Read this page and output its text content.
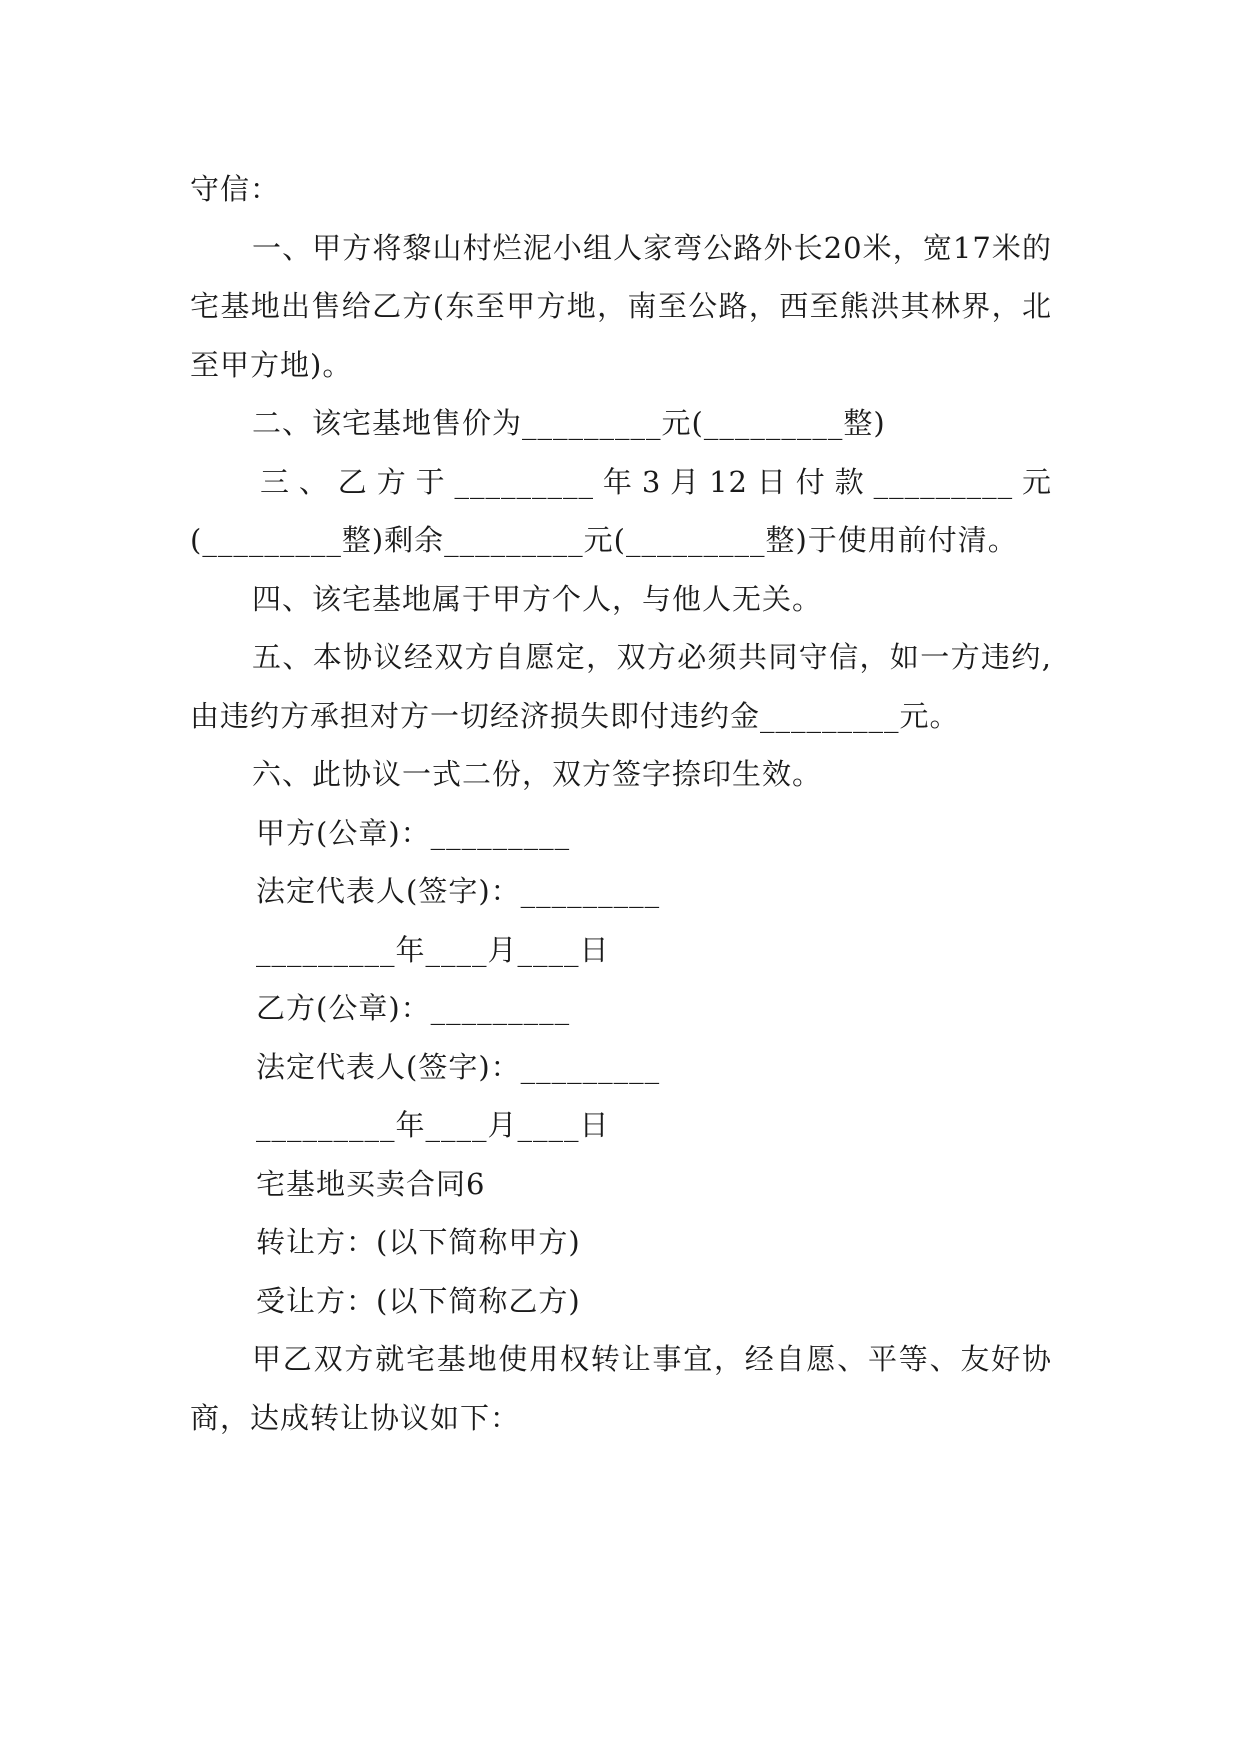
守信：

一、甲方将黎山村烂泥小组人家弯公路外长20米，宽17米的宅基地出售给乙方(东至甲方地，南至公路，西至熊洪其林界，北至甲方地)。

二、该宅基地售价为_________元(_________整)

三、乙方于_________年3月12日付款_________元(_________整)剩余_________元(_________整)于使用前付清。

四、该宅基地属于甲方个人，与他人无关。

五、本协议经双方自愿定，双方必须共同守信，如一方违约,由违约方承担对方一切经济损失即付违约金_________元。

六、此协议一式二份，双方签字捺印生效。

甲方(公章)：_________

法定代表人(签字)：_________

_________年____月____日

乙方(公章)：_________

法定代表人(签字)：_________

_________年____月____日

宅基地买卖合同6

转让方：(以下简称甲方)

受让方：(以下简称乙方)

甲乙双方就宅基地使用权转让事宜，经自愿、平等、友好协商，达成转让协议如下：
